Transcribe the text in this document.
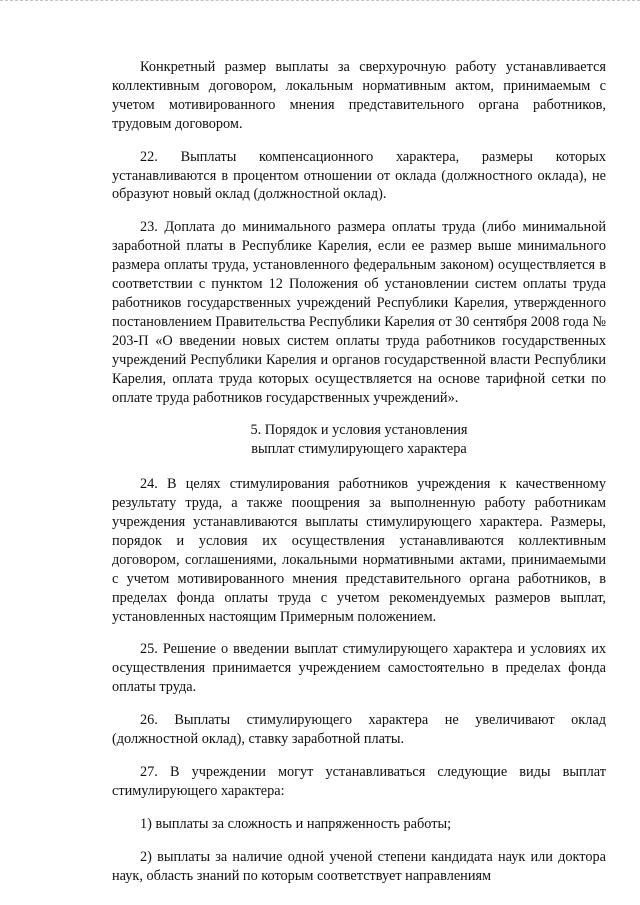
Конкретный размер выплаты за сверхурочную работу устанавливается коллективным договором, локальным нормативным актом, принимаемым с учетом мотивированного мнения представительного органа работников, трудовым договором.

22. Выплаты компенсационного характера, размеры которых устанавливаются в процентом отношении от оклада (должностного оклада), не образуют новый оклад (должностной оклад).

23. Доплата до минимального размера оплаты труда (либо минимальной заработной платы в Республике Карелия, если ее размер выше минимального размера оплаты труда, установленного федеральным законом) осуществляется в соответствии с пунктом 12 Положения об установлении систем оплаты труда работников государственных учреждений Республики Карелия, утвержденного постановлением Правительства Республики Карелия от 30 сентября 2008 года № 203-П «О введении новых систем оплаты труда работников государственных учреждений Республики Карелия и органов государственной власти Республики Карелия, оплата труда которых осуществляется на основе тарифной сетки по оплате труда работников государственных учреждений».

5. Порядок и условия установления
выплат стимулирующего характера

24. В целях стимулирования работников учреждения к качественному результату труда, а также поощрения за выполненную работу работникам учреждения устанавливаются выплаты стимулирующего характера. Размеры, порядок и условия их осуществления устанавливаются коллективным договором, соглашениями, локальными нормативными актами, принимаемыми с учетом мотивированного мнения представительного органа работников, в пределах фонда оплаты труда с учетом рекомендуемых размеров выплат, установленных настоящим Примерным положением.

25. Решение о введении выплат стимулирующего характера и условиях их осуществления принимается учреждением самостоятельно в пределах фонда оплаты труда.

26. Выплаты стимулирующего характера не увеличивают оклад (должностной оклад), ставку заработной платы.

27. В учреждении могут устанавливаться следующие виды выплат стимулирующего характера:

1) выплаты за сложность и напряженность работы;

2) выплаты за наличие одной ученой степени кандидата наук или доктора наук, область знаний по которым соответствует направлениям
